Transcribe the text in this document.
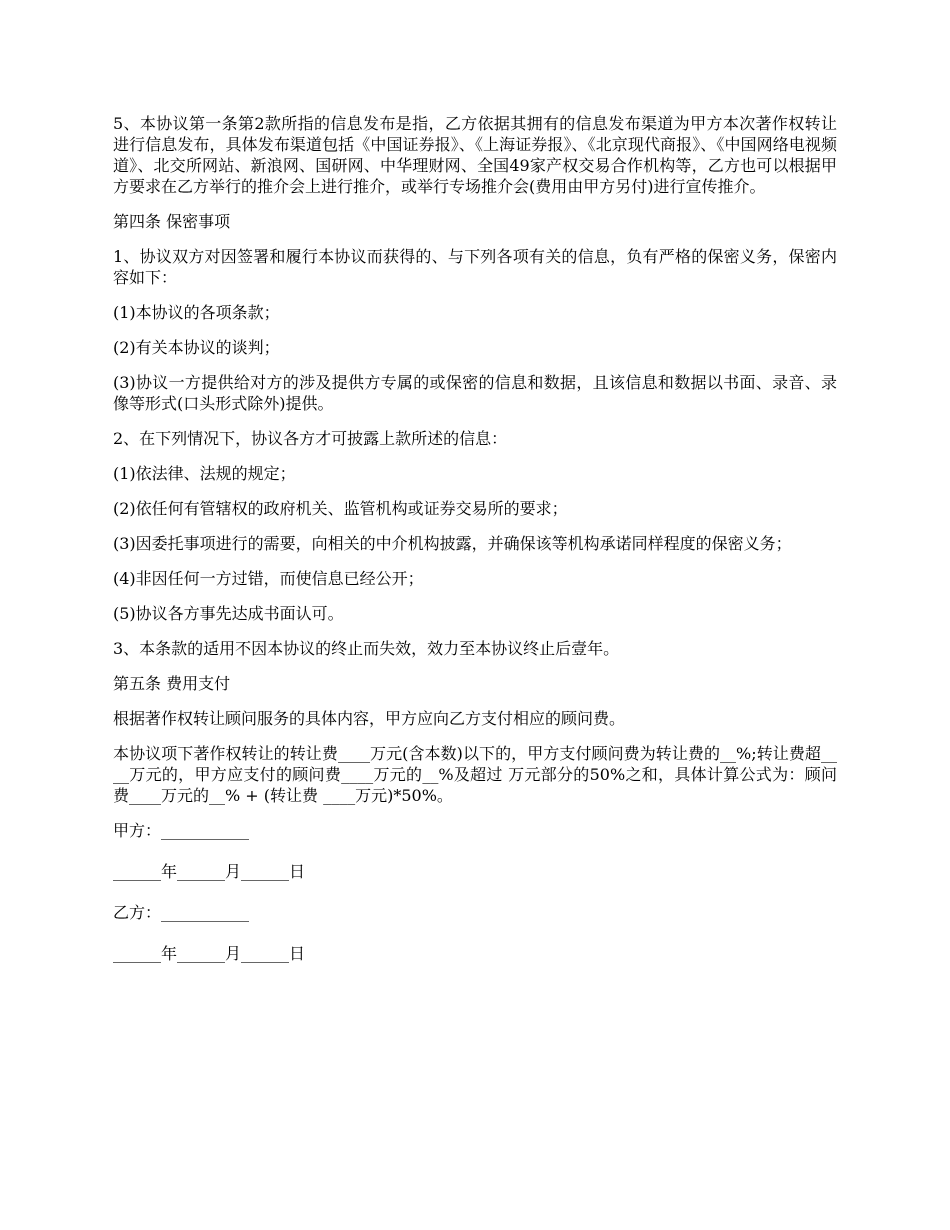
5、本协议第一条第2款所指的信息发布是指，乙方依据其拥有的信息发布渠道为甲方本次著作权转让进行信息发布，具体发布渠道包括《中国证券报》、《上海证券报》、《北京现代商报》、《中国网络电视频道》、北交所网站、新浪网、国研网、中华理财网、全国49家产权交易合作机构等，乙方也可以根据甲方要求在乙方举行的推介会上进行推介，或举行专场推介会(费用由甲方另付)进行宣传推介。

第四条 保密事项

1、协议双方对因签署和履行本协议而获得的、与下列各项有关的信息，负有严格的保密义务，保密内容如下：

(1)本协议的各项条款；

(2)有关本协议的谈判；

(3)协议一方提供给对方的涉及提供方专属的或保密的信息和数据，且该信息和数据以书面、录音、录像等形式(口头形式除外)提供。

2、在下列情况下，协议各方才可披露上款所述的信息：

(1)依法律、法规的规定；

(2)依任何有管辖权的政府机关、监管机构或证券交易所的要求；

(3)因委托事项进行的需要，向相关的中介机构披露，并确保该等机构承诺同样程度的保密义务；

(4)非因任何一方过错，而使信息已经公开；

(5)协议各方事先达成书面认可。

3、本条款的适用不因本协议的终止而失效，效力至本协议终止后壹年。

第五条 费用支付

根据著作权转让顾问服务的具体内容，甲方应向乙方支付相应的顾问费。

本协议项下著作权转让的转让费____万元(含本数)以下的，甲方支付顾问费为转让费的__%;转让费超____万元的，甲方应支付的顾问费____万元的__%及超过 万元部分的50%之和，具体计算公式为：顾问费____万元的__% + (转让费 ____万元)*50%。

甲方：___________

______年______月______日

乙方：___________

______年______月______日
